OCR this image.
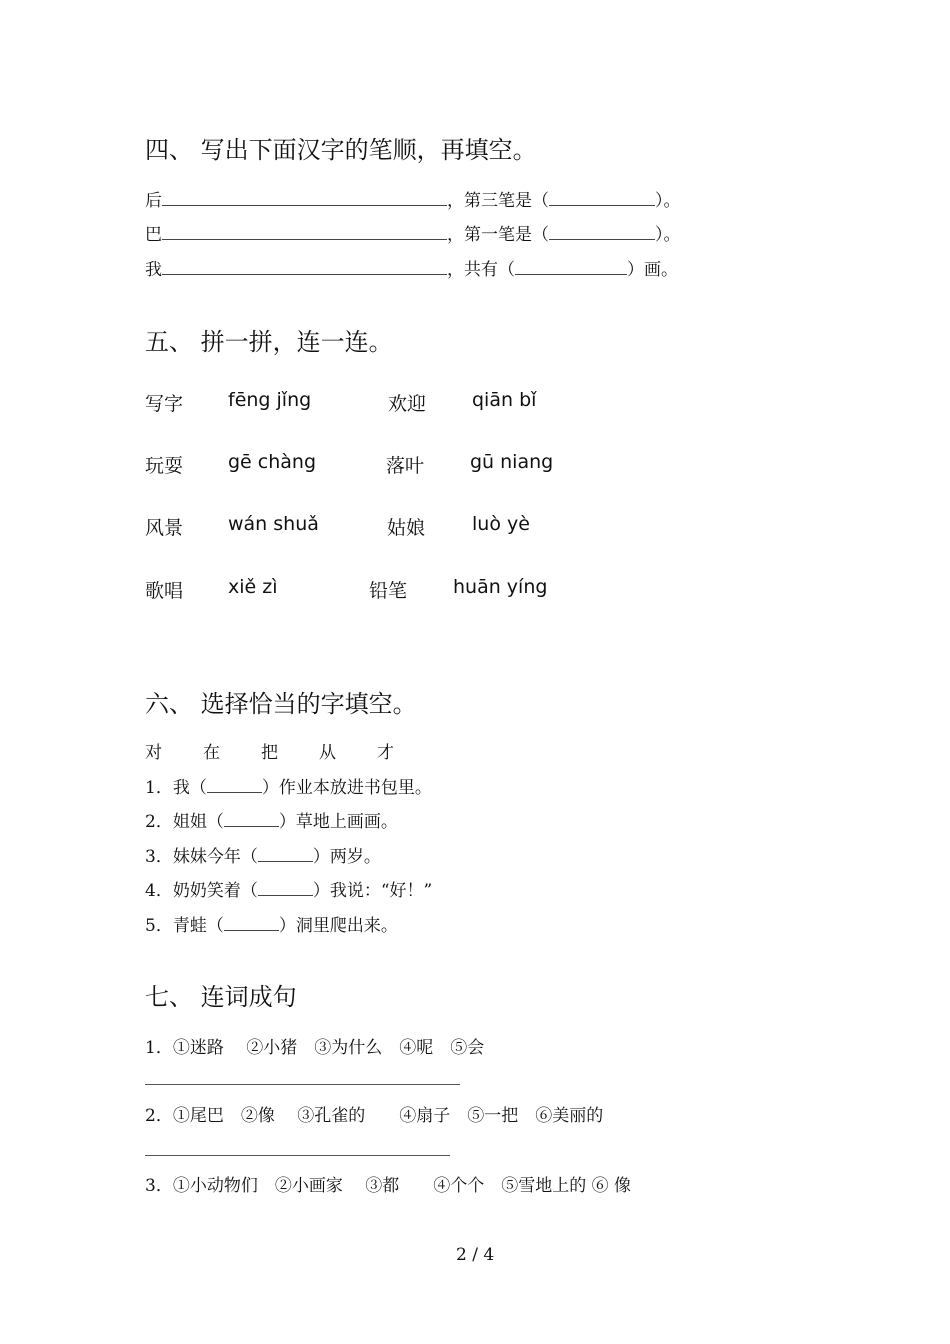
四、 写出下面汉字的笔顺，再填空。
后	，第三笔是（	）。
巴	，第一笔是（	）。
我	，共有（	）画。
五、 拼一拼，连一连。
写字 fēng jǐng	欢迎 qiān bǐ
玩耍 gē chàng	落叶 gū niang
风景 wán shuǎ	姑娘 luò yè
歌唱 xiě zì	铅笔 huān yíng
六、 选择恰当的字填空。
对 在 把 从 才
1．我（	）作业本放进书包里。
2．姐姐（	）草地上画画。
3．妹妹今年（	）两岁。
4．奶奶笑着（	）我说：“好！”
5．青蛙（	）洞里爬出来。
七、 连词成句
1．①迷路　 ②小猪　③为什么　④呢　⑤会
2．①尾巴　②像　 ③孔雀的　　④扇子　⑤一把　⑥美丽的
3．①小动物们　②小画家　 ③都　　④个个　⑤雪地上的 ⑥ 像
2 / 4
